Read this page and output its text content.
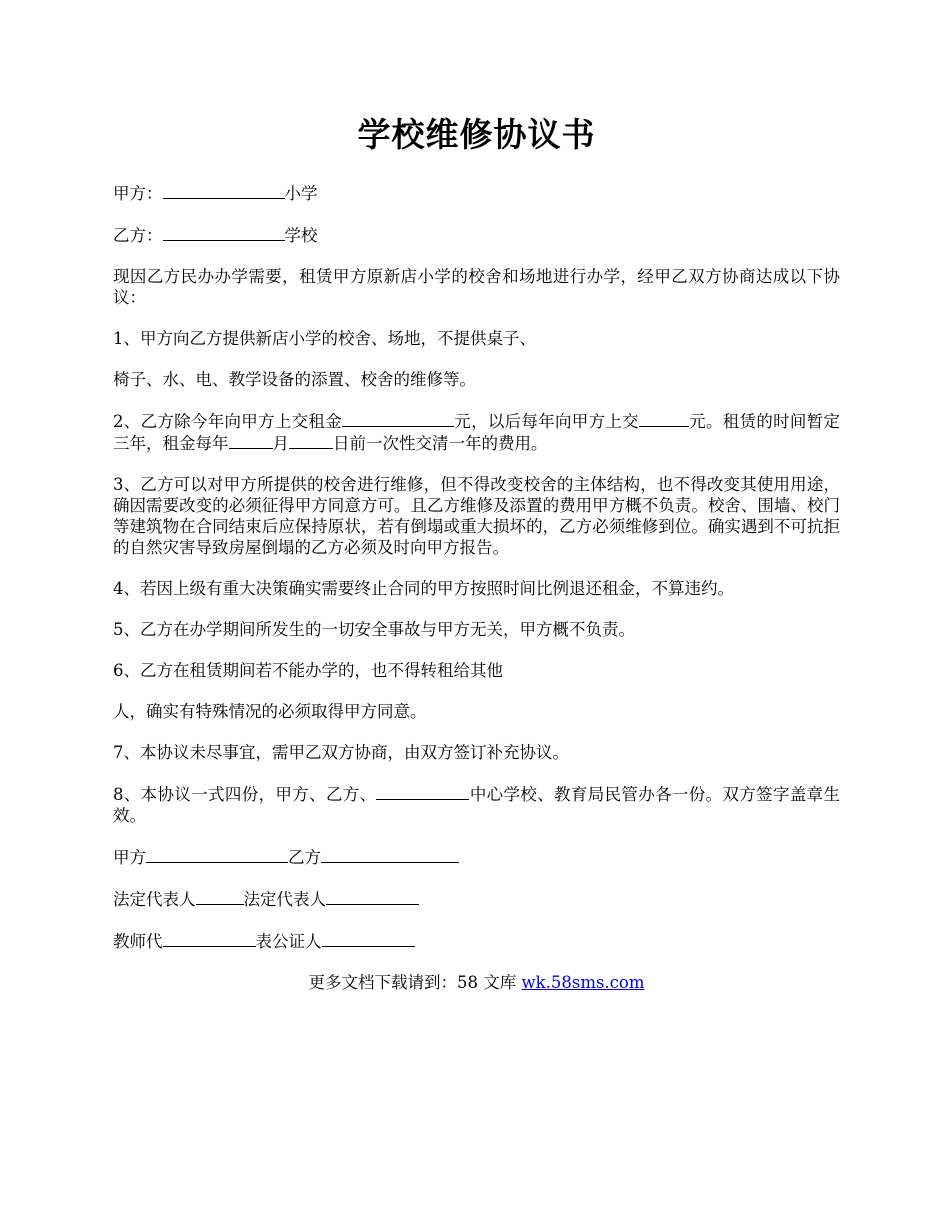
学校维修协议书
甲方：	小学
乙方：	学校
现因乙方民办办学需要，租赁甲方原新店小学的校舍和场地进行办学，经甲乙双方协商达成以下协议：
1、甲方向乙方提供新店小学的校舍、场地，不提供桌子、
椅子、水、电、教学设备的添置、校舍的维修等。
2、乙方除今年向甲方上交租金	元，以后每年向甲方上交	元。租赁的时间暂定三年，租金每年	月	日前一次性交清一年的费用。
3、乙方可以对甲方所提供的校舍进行维修，但不得改变校舍的主体结构，也不得改变其使用用途，确因需要改变的必须征得甲方同意方可。且乙方维修及添置的费用甲方概不负责。校舍、围墙、校门等建筑物在合同结束后应保持原状，若有倒塌或重大损坏的，乙方必须维修到位。确实遇到不可抗拒的自然灾害导致房屋倒塌的乙方必须及时向甲方报告。
4、若因上级有重大决策确实需要终止合同的甲方按照时间比例退还租金，不算违约。
5、乙方在办学期间所发生的一切安全事故与甲方无关，甲方概不负责。
6、乙方在租赁期间若不能办学的，也不得转租给其他
人，确实有特殊情况的必须取得甲方同意。
7、本协议未尽事宜，需甲乙双方协商，由双方签订补充协议。
8、本协议一式四份，甲方、乙方、	中心学校、教育局民管办各一份。双方签字盖章生效。
甲方	乙方
法定代表人	法定代表人
教师代	表公证人
更多文档下载请到：58 文库 wk.58sms.com
